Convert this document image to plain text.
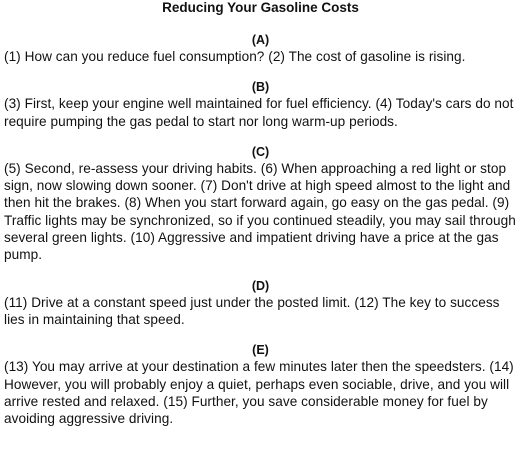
Reducing Your Gasoline Costs

(A)

(1) How can you reduce fuel consumption? (2) The cost of gasoline is rising.

(B)

(3) First, keep your engine well maintained for fuel efficiency. (4) Today's cars do not require pumping the gas pedal to start nor long warm-up periods.

(C)

(5) Second, re-assess your driving habits. (6) When approaching a red light or stop sign, now slowing down sooner. (7) Don't drive at high speed almost to the light and then hit the brakes. (8) When you start forward again, go easy on the gas pedal. (9) Traffic lights may be synchronized, so if you continued steadily, you may sail through several green lights. (10) Aggressive and impatient driving have a price at the gas pump.

(D)

(11) Drive at a constant speed just under the posted limit. (12) The key to success lies in maintaining that speed.

(E)

(13) You may arrive at your destination a few minutes later then the speedsters. (14) However, you will probably enjoy a quiet, perhaps even sociable, drive, and you will arrive rested and relaxed. (15) Further, you save considerable money for fuel by avoiding aggressive driving.
